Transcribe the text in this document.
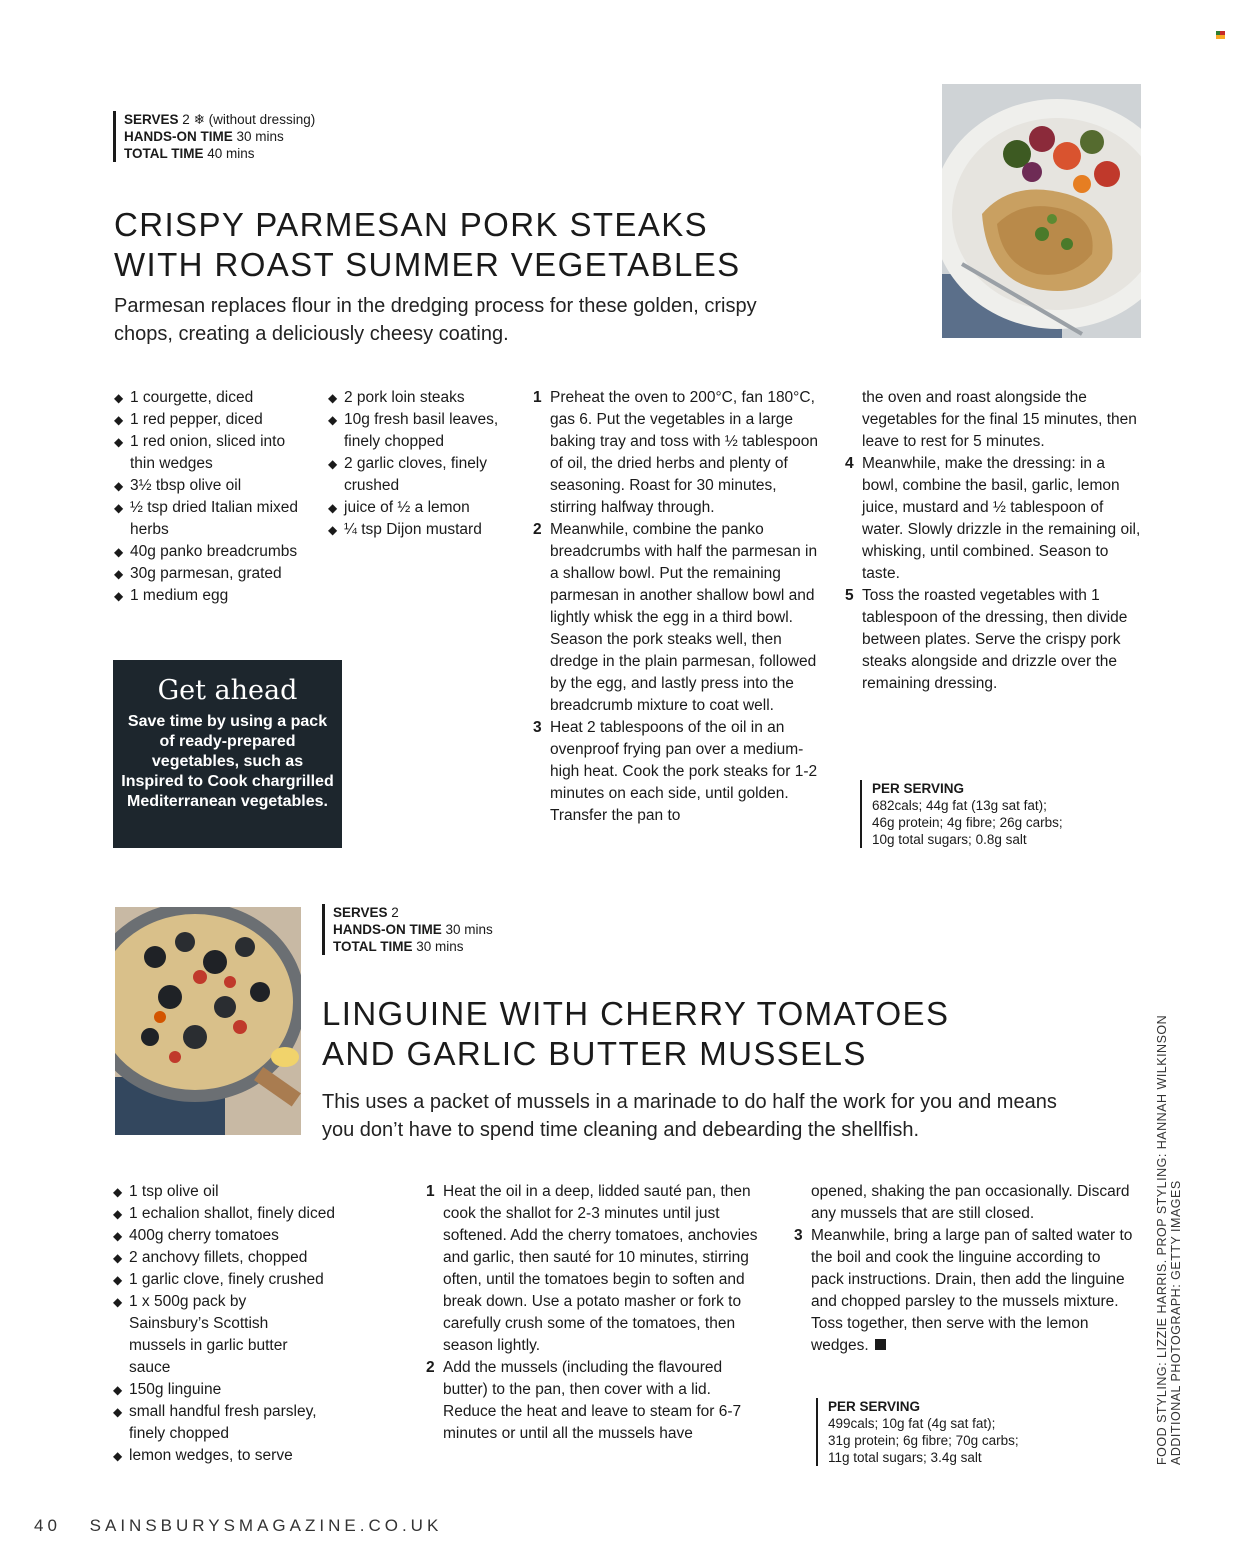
SERVES 2 ❄ (without dressing)
HANDS-ON TIME 30 mins
TOTAL TIME 40 mins
CRISPY PARMESAN PORK STEAKS
WITH ROAST SUMMER VEGETABLES

Parmesan replaces flour in the dredging process for these golden, crispy chops, creating a deliciously cheesy coating.

◆ 1 courgette, diced
◆ 1 red pepper, diced
◆ 1 red onion, sliced into thin wedges
◆ 3½ tbsp olive oil
◆ ½ tsp dried Italian mixed herbs
◆ 40g panko breadcrumbs
◆ 30g parmesan, grated
◆ 1 medium egg
◆ 2 pork loin steaks
◆ 10g fresh basil leaves, finely chopped
◆ 2 garlic cloves, finely crushed
◆ juice of ½ a lemon
◆ ¼ tsp Dijon mustard
Get ahead

Save time by using a pack of ready-prepared vegetables, such as Inspired to Cook chargrilled Mediterranean vegetables.

1 Preheat the oven to 200°C, fan 180°C, gas 6. Put the vegetables in a large baking tray and toss with ½ tablespoon of oil, the dried herbs and plenty of seasoning. Roast for 30 minutes, stirring halfway through.

2 Meanwhile, combine the panko breadcrumbs with half the parmesan in a shallow bowl. Put the remaining parmesan in another shallow bowl and lightly whisk the egg in a third bowl. Season the pork steaks well, then dredge in the plain parmesan, followed by the egg, and lastly press into the breadcrumb mixture to coat well.

3 Heat 2 tablespoons of the oil in an ovenproof frying pan over a medium-high heat. Cook the pork steaks for 1-2 minutes on each side, until golden. Transfer the pan to

the oven and roast alongside the vegetables for the final 15 minutes, then leave to rest for 5 minutes.

4 Meanwhile, make the dressing: in a bowl, combine the basil, garlic, lemon juice, mustard and ½ tablespoon of water. Slowly drizzle in the remaining oil, whisking, until combined. Season to taste.

5 Toss the roasted vegetables with 1 tablespoon of the dressing, then divide between plates. Serve the crispy pork steaks alongside and drizzle over the remaining dressing.

PER SERVING
682cals; 44g fat (13g sat fat);
46g protein; 4g fibre; 26g carbs;
10g total sugars; 0.8g salt
SERVES 2
HANDS-ON TIME 30 mins
TOTAL TIME 30 mins
LINGUINE WITH CHERRY TOMATOES
AND GARLIC BUTTER MUSSELS

This uses a packet of mussels in a marinade to do half the work for you and means you don’t have to spend time cleaning and debearding the shellfish.

◆ 1 tsp olive oil
◆ 1 echalion shallot, finely diced
◆ 400g cherry tomatoes
◆ 2 anchovy fillets, chopped
◆ 1 garlic clove, finely crushed
◆ 1 x 500g pack by Sainsbury’s Scottish mussels in garlic butter sauce
◆ 150g linguine
◆ small handful fresh parsley, finely chopped
◆ lemon wedges, to serve

1 Heat the oil in a deep, lidded sauté pan, then cook the shallot for 2-3 minutes until just softened. Add the cherry tomatoes, anchovies and garlic, then sauté for 10 minutes, stirring often, until the tomatoes begin to soften and break down. Use a potato masher or fork to carefully crush some of the tomatoes, then season lightly.

2 Add the mussels (including the flavoured butter) to the pan, then cover with a lid. Reduce the heat and leave to steam for 6-7 minutes or until all the mussels have

opened, shaking the pan occasionally. Discard any mussels that are still closed.

3 Meanwhile, bring a large pan of salted water to the boil and cook the linguine according to pack instructions. Drain, then add the linguine and chopped parsley to the mussels mixture. Toss together, then serve with the lemon wedges.

PER SERVING
499cals; 10g fat (4g sat fat);
31g protein; 6g fibre; 70g carbs;
11g total sugars; 3.4g salt	FOOD STYLING: LIZZIE HARRIS. PROP STYLING: HANNAH WILKINSON ADDITIONAL PHOTOGRAPH: GETTY IMAGES
40 SAINSBURYSMAGAZINE.CO.UK
